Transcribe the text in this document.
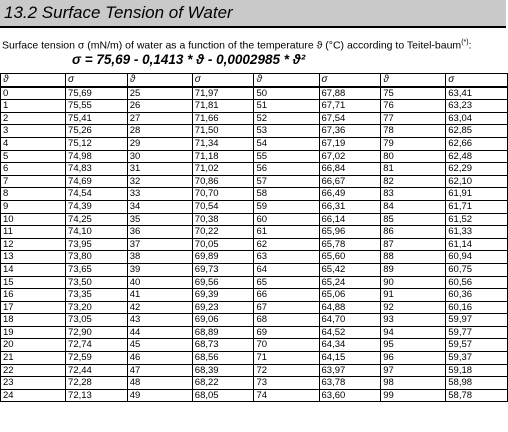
13.2 Surface Tension of Water
Surface tension σ (mN/m) of water as a function of the temperature ϑ (°C) according to Teitel-baum(*):
σ = 75,69 - 0,1413 * ϑ - 0,0002985 * ϑ²
ϑ	σ	ϑ	σ	ϑ	σ	ϑ	σ
0	75,69	25	71,97	50	67,88	75	63,41
1	75,55	26	71,81	51	67,71	76	63,23
2	75,41	27	71,66	52	67,54	77	63,04
3	75,26	28	71,50	53	67,36	78	62,85
4	75,12	29	71,34	54	67,19	79	62,66
5	74,98	30	71,18	55	67,02	80	62,48
6	74,83	31	71,02	56	66,84	81	62,29
7	74,69	32	70,86	57	66,67	82	62,10
8	74,54	33	70,70	58	66,49	83	61,91
9	74,39	34	70,54	59	66,31	84	61,71
10	74,25	35	70,38	60	66,14	85	61,52
11	74,10	36	70,22	61	65,96	86	61,33
12	73,95	37	70,05	62	65,78	87	61,14
13	73,80	38	69,89	63	65,60	88	60,94
14	73,65	39	69,73	64	65,42	89	60,75
15	73,50	40	69,56	65	65,24	90	60,56
16	73,35	41	69,39	66	65,06	91	60,36
17	73,20	42	69,23	67	64,88	92	60,16
18	73,05	43	69,06	68	64,70	93	59,97
19	72,90	44	68,89	69	64,52	94	59,77
20	72,74	45	68,73	70	64,34	95	59,57
21	72,59	46	68,56	71	64,15	96	59,37
22	72,44	47	68,39	72	63,97	97	59,18
23	72,28	48	68,22	73	63,78	98	58,98
24	72,13	49	68,05	74	63,60	99	58,78
